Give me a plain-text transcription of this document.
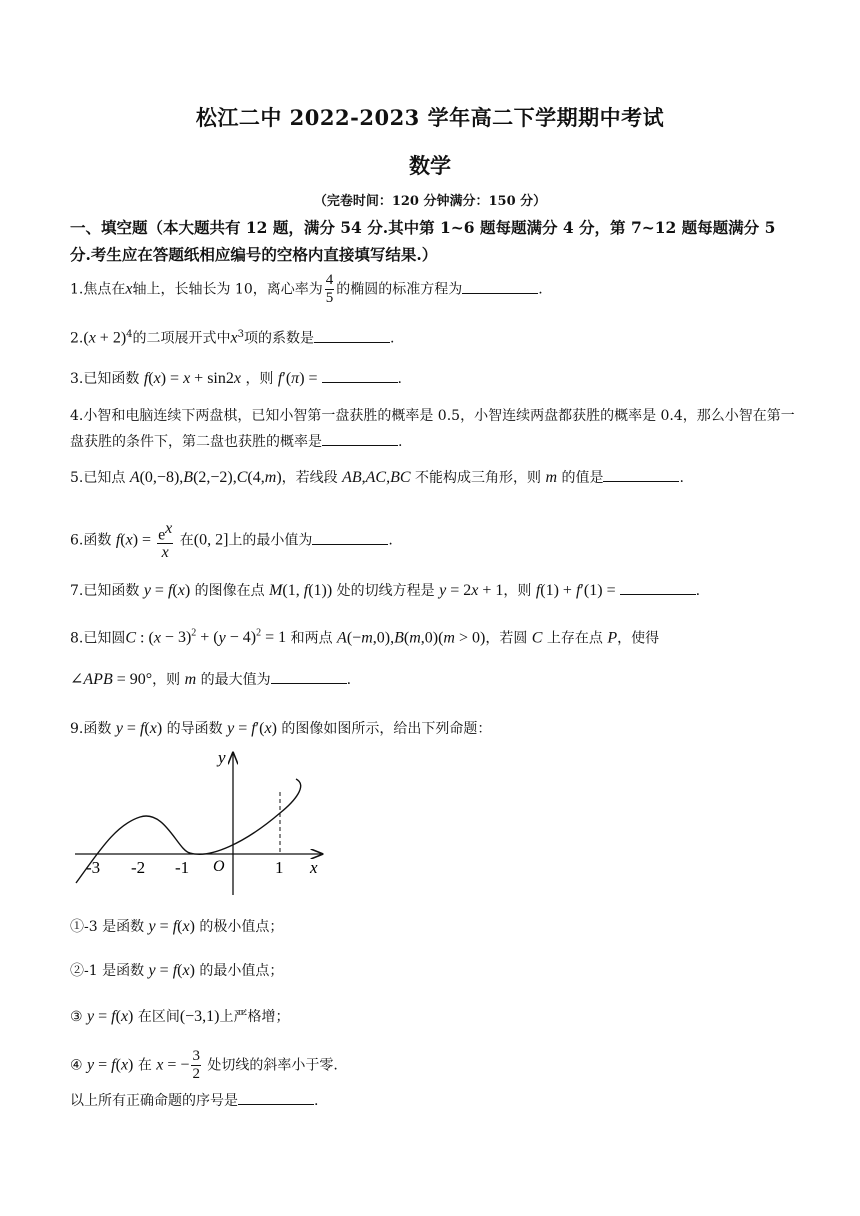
松江二中 2022-2023 学年高二下学期期中考试
数学
（完卷时间：120 分钟满分：150 分）
一、填空题（本大题共有 12 题，满分 54 分.其中第 1~6 题每题满分 4 分，第 7~12 题每题满分 5 分.考生应在答题纸相应编号的空格内直接填写结果.）
1.焦点在x轴上，长轴长为 10，离心率为 $\frac{4}{5}$ 的椭圆的标准方程为	.
$2.(x + 2)^4$的二项展开式中$x^3$项的系数是	.
3.已知函数 f(x) = x + sin2x ，则 f′(π) =	.
4.小智和电脑连续下两盘棋，已知小智第一盘获胜的概率是 0.5，小智连续两盘都获胜的概率是 0.4，那么小智在第一盘获胜的条件下，第二盘也获胜的概率是	.
5.已知点 A(0,−8),B(2,−2),C(4,m)，若线段 AB,AC,BC 不能构成三角形，则 m 的值是	.
6.函数 $f(x) = \frac{e^x}{x}$ 在(0, 2]上的最小值为	.
7.已知函数 y = f(x) 的图像在点 M(1, f(1)) 处的切线方程是 y = 2x + 1，则 f(1) + f′(1) =	.
8.已知圆C : $(x - 3)^2 + (y - 4)^2 = 1$ 和两点 A(−m,0),B(m,0)(m > 0)，若圆 C 上存在点 P，使得
∠APB = 90°，则 m 的最大值为	.
9.函数 y = f(x) 的导函数 y = f′(x) 的图像如图所示，给出下列命题：
y
x
O
-3 -2 -1	1
①-3 是函数 y = f(x) 的极小值点；
②-1 是函数 y = f(x) 的最小值点；
③ y = f(x) 在区间(−3,1)上严格增；
④ y = f(x) 在 x = − $\frac{3}{2}$ 处切线的斜率小于零.
以上所有正确命题的序号是	.
